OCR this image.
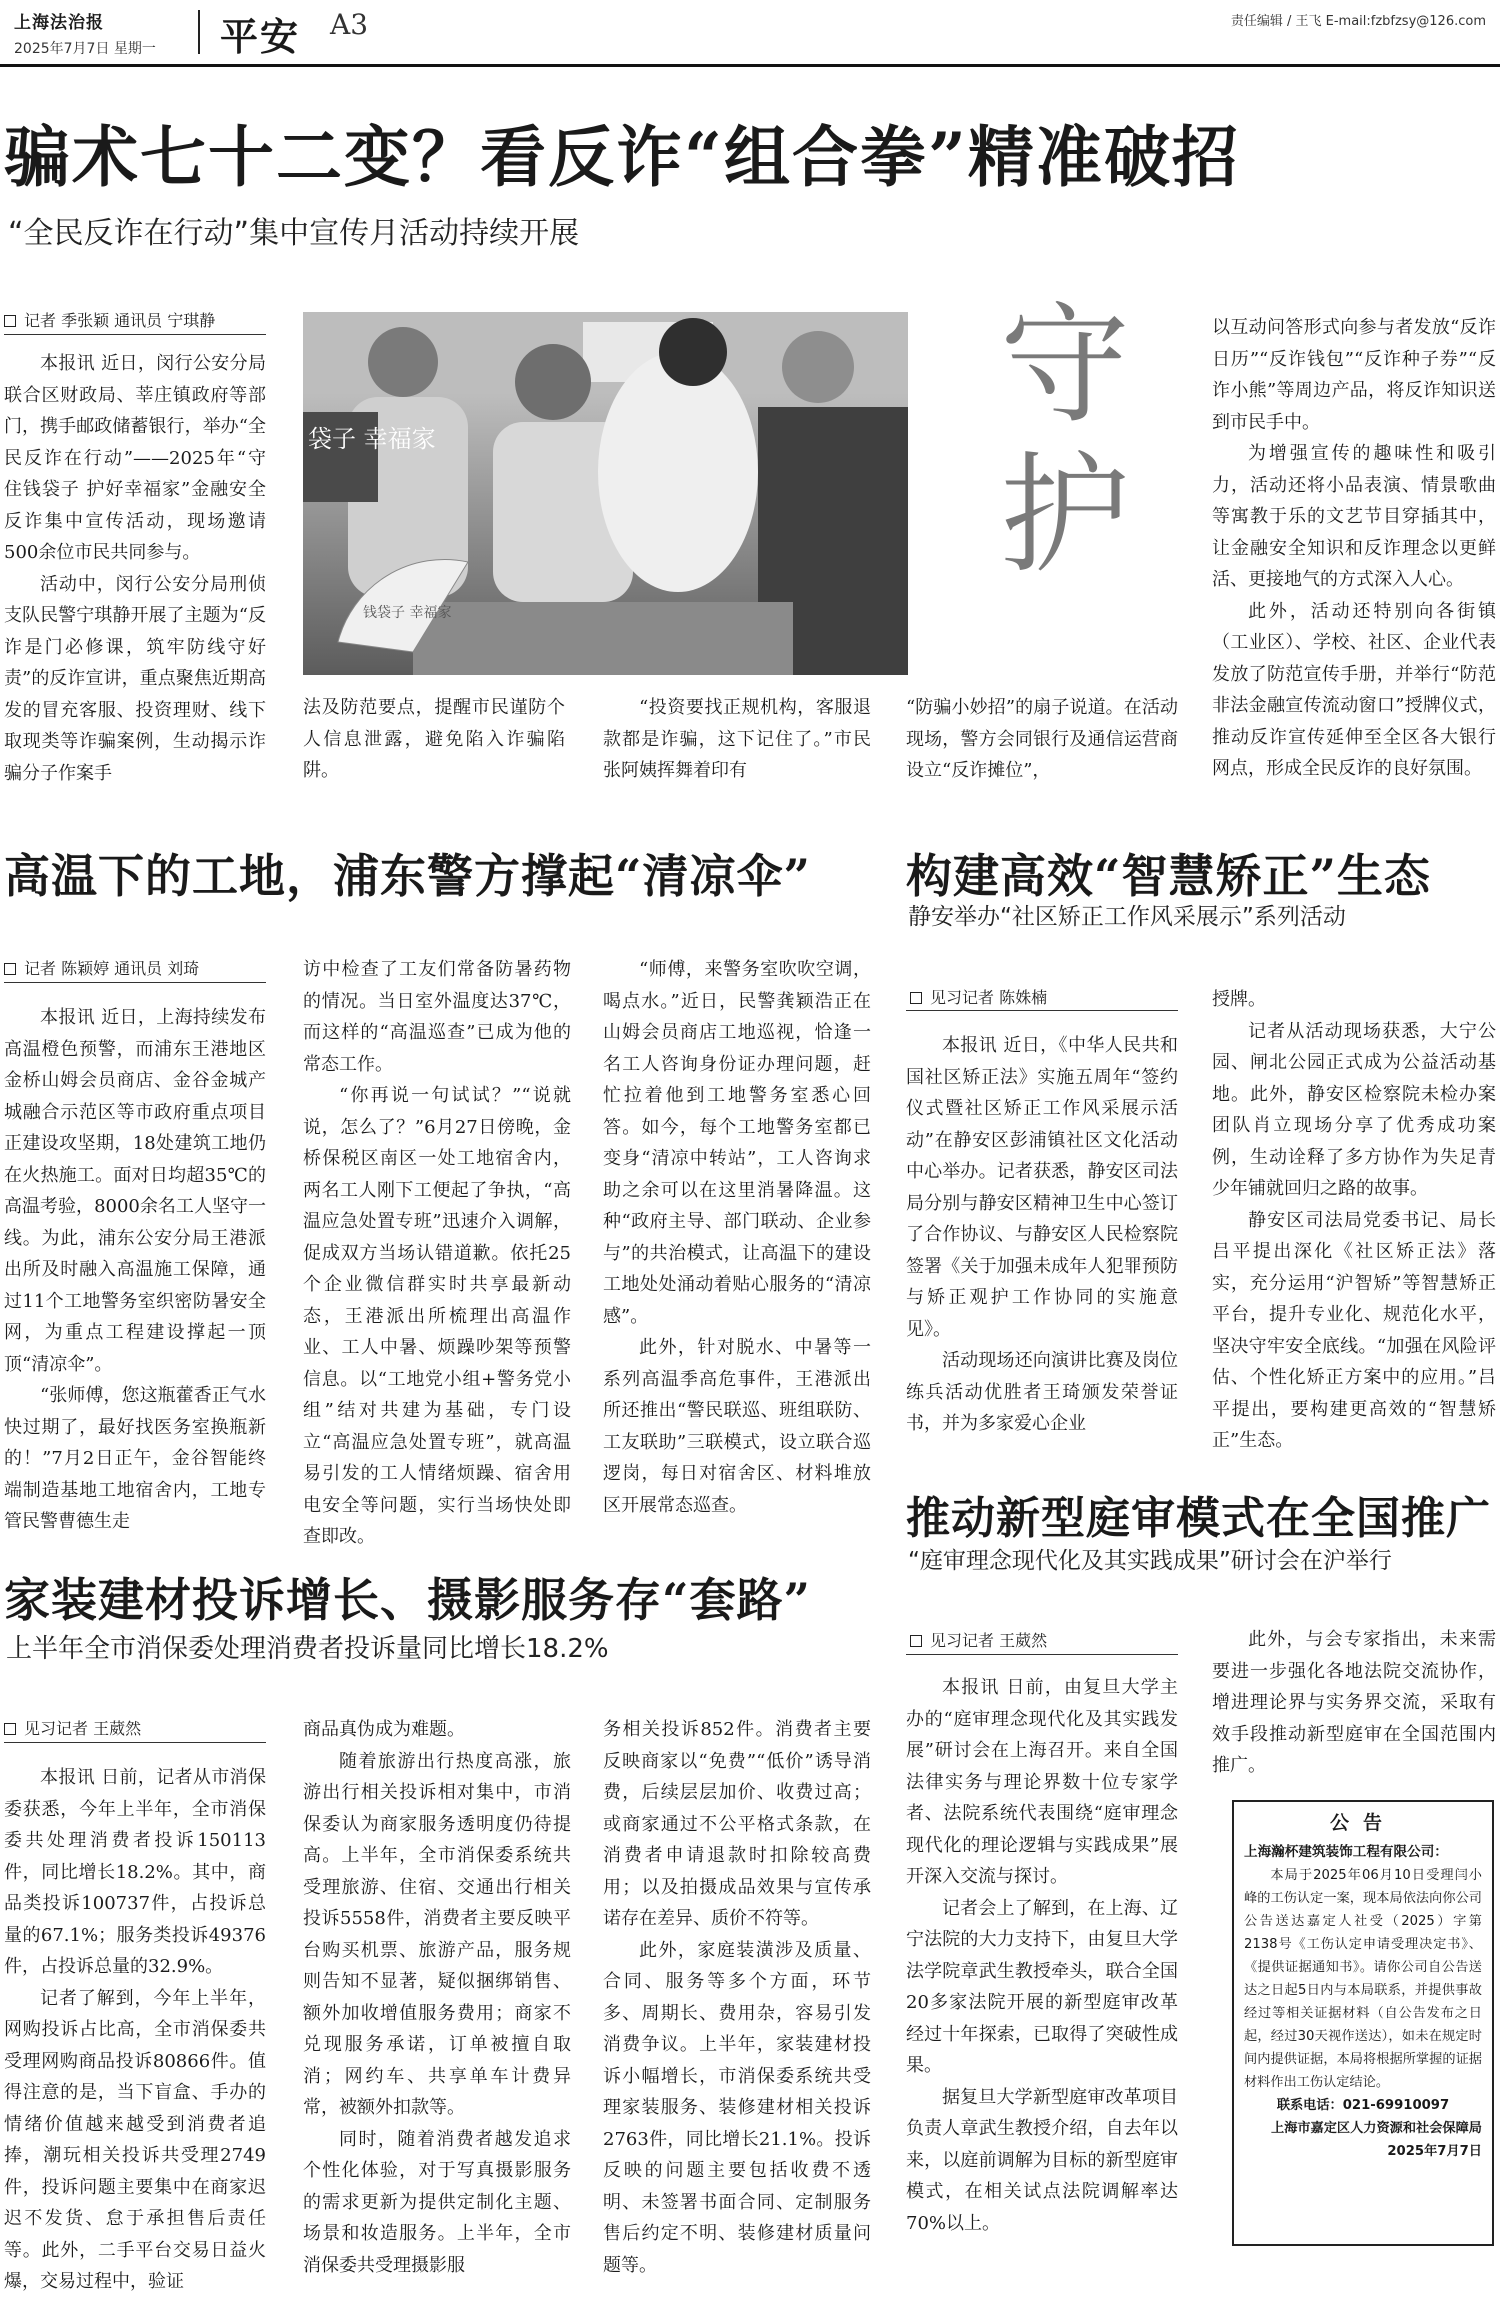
上海法治报
2025年7月7日 星期一 平安 A3	责任编辑 / 王飞 E-mail:fzbfzsy@126.com
骗术七十二变？看反诈“组合拳”精准破招
“全民反诈在行动”集中宣传月活动持续开展
记者 季张颖 通讯员 宁琪静

本报讯 近日，闵行公安分局联合区财政局、莘庄镇政府等部门，携手邮政储蓄银行，举办“全民反诈在行动”——2025年“守住钱袋子 护好幸福家”金融安全反诈集中宣传活动，现场邀请500余位市民共同参与。

活动中，闵行公安分局刑侦支队民警宁琪静开展了主题为“反诈是门必修课，筑牢防线守好责”的反诈宣讲，重点聚焦近期高发的冒充客服、投资理财、线下取现类等诈骗案例，生动揭示诈骗分子作案手

袋子 幸福家
钱袋子 幸福家
守护

法及防范要点，提醒市民谨防个人信息泄露，避免陷入诈骗陷阱。

“投资要找正规机构，客服退款都是诈骗，这下记住了。”市民张阿姨挥舞着印有

“防骗小妙招”的扇子说道。在活动现场，警方会同银行及通信运营商设立“反诈摊位”，

以互动问答形式向参与者发放“反诈日历”“反诈钱包”“反诈种子券”“反诈小熊”等周边产品，将反诈知识送到市民手中。

为增强宣传的趣味性和吸引力，活动还将小品表演、情景歌曲等寓教于乐的文艺节目穿插其中，让金融安全知识和反诈理念以更鲜活、更接地气的方式深入人心。

此外，活动还特别向各街镇（工业区）、学校、社区、企业代表发放了防范宣传手册，并举行“防范非法金融宣传流动窗口”授牌仪式，推动反诈宣传延伸至全区各大银行网点，形成全民反诈的良好氛围。

高温下的工地，浦东警方撑起“清凉伞”
记者 陈颖婷 通讯员 刘琦

本报讯 近日，上海持续发布高温橙色预警，而浦东王港地区金桥山姆会员商店、金谷金城产城融合示范区等市政府重点项目正建设攻坚期，18处建筑工地仍在火热施工。面对日均超35℃的高温考验，8000余名工人坚守一线。为此，浦东公安分局王港派出所及时融入高温施工保障，通过11个工地警务室织密防暑安全网，为重点工程建设撑起一顶顶“清凉伞”。

“张师傅，您这瓶藿香正气水快过期了，最好找医务室换瓶新的！”7月2日正午，金谷智能终端制造基地工地宿舍内，工地专管民警曹德生走

访中检查了工友们常备防暑药物的情况。当日室外温度达37℃，而这样的“高温巡查”已成为他的常态工作。

“你再说一句试试？”“说就说，怎么了？”6月27日傍晚，金桥保税区南区一处工地宿舍内，两名工人刚下工便起了争执，“高温应急处置专班”迅速介入调解，促成双方当场认错道歉。依托25个企业微信群实时共享最新动态，王港派出所梳理出高温作业、工人中暑、烦躁吵架等预警信息。以“工地党小组+警务党小组”结对共建为基础，专门设立“高温应急处置专班”，就高温易引发的工人情绪烦躁、宿舍用电安全等问题，实行当场快处即查即改。

“师傅，来警务室吹吹空调，喝点水。”近日，民警龚颖浩正在山姆会员商店工地巡视，恰逢一名工人咨询身份证办理问题，赶忙拉着他到工地警务室悉心回答。如今，每个工地警务室都已变身“清凉中转站”，工人咨询求助之余可以在这里消暑降温。这种“政府主导、部门联动、企业参与”的共治模式，让高温下的建设工地处处涌动着贴心服务的“清凉感”。

此外，针对脱水、中暑等一系列高温季高危事件，王港派出所还推出“警民联巡、班组联防、工友联助”三联模式，设立联合巡逻岗，每日对宿舍区、材料堆放区开展常态巡查。

构建高效“智慧矫正”生态
静安举办“社区矫正工作风采展示”系列活动
见习记者 陈姝楠

本报讯 近日，《中华人民共和国社区矫正法》实施五周年“签约仪式暨社区矫正工作风采展示活动”在静安区彭浦镇社区文化活动中心举办。记者获悉，静安区司法局分别与静安区精神卫生中心签订了合作协议、与静安区人民检察院签署《关于加强未成年人犯罪预防与矫正观护工作协同的实施意见》。

活动现场还向演讲比赛及岗位练兵活动优胜者王琦颁发荣誉证书，并为多家爱心企业

授牌。

记者从活动现场获悉，大宁公园、闸北公园正式成为公益活动基地。此外，静安区检察院未检办案团队肖立现场分享了优秀成功案例，生动诠释了多方协作为失足青少年铺就回归之路的故事。

静安区司法局党委书记、局长吕平提出深化《社区矫正法》落实，充分运用“沪智矫”等智慧矫正平台，提升专业化、规范化水平，坚决守牢安全底线。“加强在风险评估、个性化矫正方案中的应用。”吕平提出，要构建更高效的“智慧矫正”生态。

推动新型庭审模式在全国推广
“庭审理念现代化及其实践成果”研讨会在沪举行
见习记者 王葳然

本报讯 日前，由复旦大学主办的“庭审理念现代化及其实践发展”研讨会在上海召开。来自全国法律实务与理论界数十位专家学者、法院系统代表围绕“庭审理念现代化的理论逻辑与实践成果”展开深入交流与探讨。

记者会上了解到，在上海、辽宁法院的大力支持下，由复旦大学法学院章武生教授牵头，联合全国20多家法院开展的新型庭审改革经过十年探索，已取得了突破性成果。

据复旦大学新型庭审改革项目负责人章武生教授介绍，自去年以来，以庭前调解为目标的新型庭审模式，在相关试点法院调解率达70%以上。

此外，与会专家指出，未来需要进一步强化各地法院交流协作，增进理论界与实务界交流，采取有效手段推动新型庭审在全国范围内推广。

家装建材投诉增长、摄影服务存“套路”
上半年全市消保委处理消费者投诉量同比增长18.2%
见习记者 王葳然

本报讯 日前，记者从市消保委获悉，今年上半年，全市消保委共处理消费者投诉150113件，同比增长18.2%。其中，商品类投诉100737件，占投诉总量的67.1%；服务类投诉49376件，占投诉总量的32.9%。

记者了解到，今年上半年，网购投诉占比高，全市消保委共受理网购商品投诉80866件。值得注意的是，当下盲盒、手办的情绪价值越来越受到消费者追捧，潮玩相关投诉共受理2749件，投诉问题主要集中在商家迟迟不发货、怠于承担售后责任等。此外，二手平台交易日益火爆，交易过程中，验证

商品真伪成为难题。

随着旅游出行热度高涨，旅游出行相关投诉相对集中，市消保委认为商家服务透明度仍待提高。上半年，全市消保委系统共受理旅游、住宿、交通出行相关投诉5558件，消费者主要反映平台购买机票、旅游产品，服务规则告知不显著，疑似捆绑销售、额外加收增值服务费用；商家不兑现服务承诺，订单被擅自取消；网约车、共享单车计费异常，被额外扣款等。

同时，随着消费者越发追求个性化体验，对于写真摄影服务的需求更新为提供定制化主题、场景和妆造服务。上半年，全市消保委共受理摄影服

务相关投诉852件。消费者主要反映商家以“免费”“低价”诱导消费，后续层层加价、收费过高；或商家通过不公平格式条款，在消费者申请退款时扣除较高费用；以及拍摄成品效果与宣传承诺存在差异、质价不符等。

此外，家庭装潢涉及质量、合同、服务等多个方面，环节多、周期长、费用杂，容易引发消费争议。上半年，家装建材投诉小幅增长，市消保委系统共受理家装服务、装修建材相关投诉2763件，同比增长21.1%。投诉反映的问题主要包括收费不透明、未签署书面合同、定制服务售后约定不明、装修建材质量问题等。

公告
上海瀚杯建筑装饰工程有限公司：

本局于2025年06月10日受理闫小峰的工伤认定一案，现本局依法向你公司公告送达嘉定人社受（2025）字第2138号《工伤认定申请受理决定书》、《提供证据通知书》。请你公司自公告送达之日起5日内与本局联系，并提供事故经过等相关证据材料（自公告发布之日起，经过30天视作送达），如未在规定时间内提供证据，本局将根据所掌握的证据材料作出工伤认定结论。

联系电话：021-69910097
上海市嘉定区人力资源和社会保障局
2025年7月7日
